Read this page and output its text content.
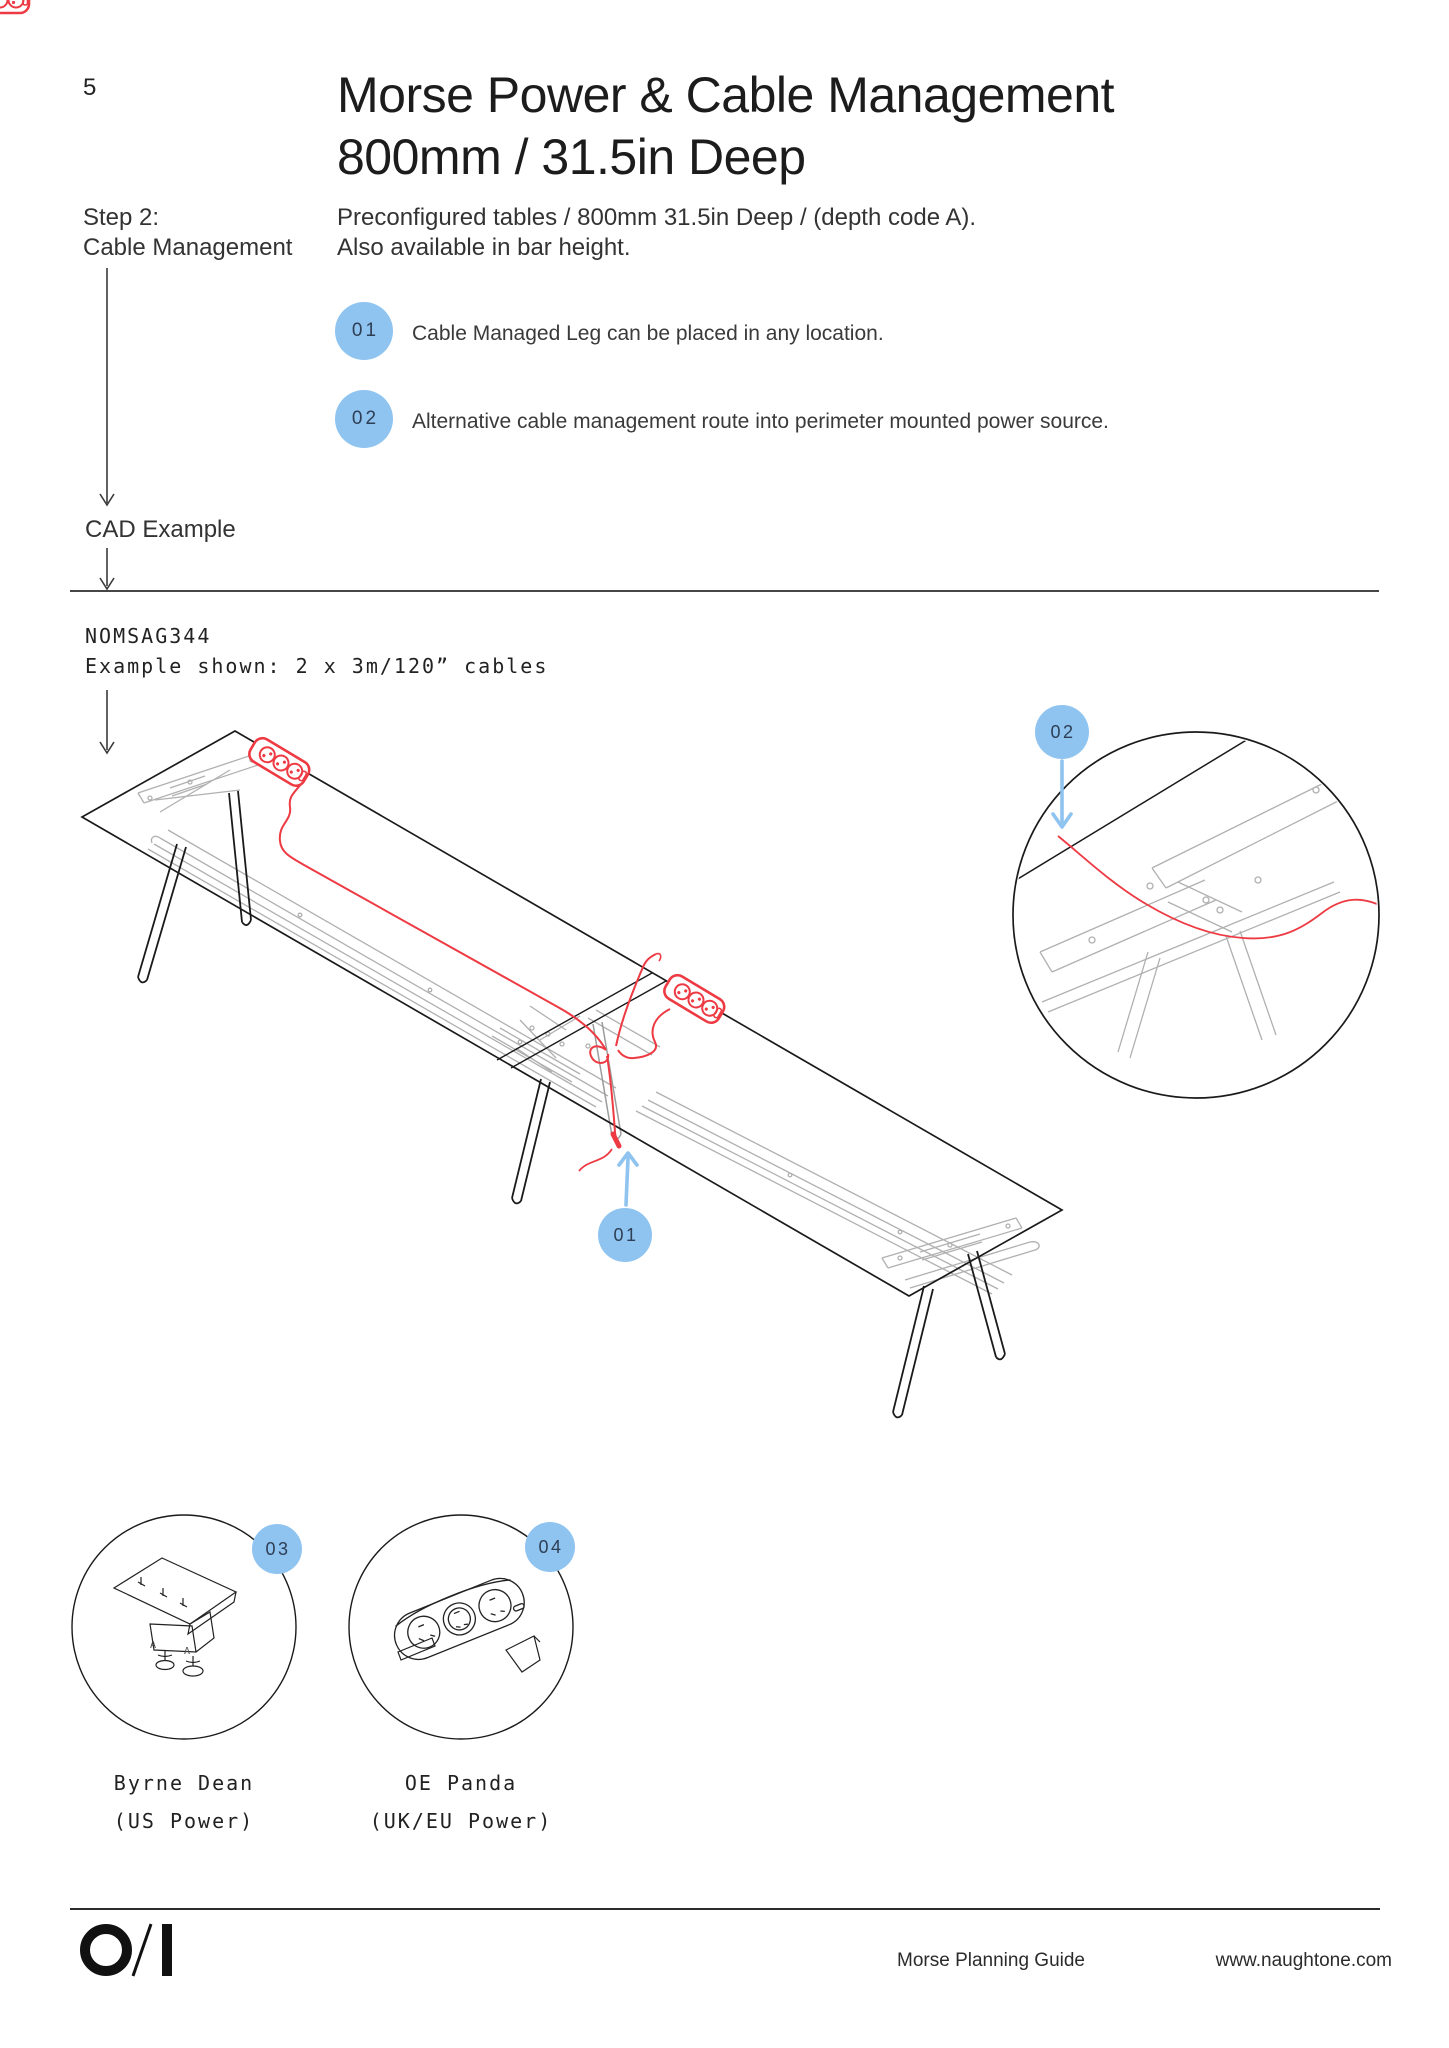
A
A
5	Morse Power & Cable Management
800mm / 31.5in Deep
Step 2:
Cable Management
Preconfigured tables / 800mm 31.5in Deep / (depth code A).
Also available in bar height.
01	Cable Managed Leg can be placed in any location.
02	Alternative cable management route into perimeter mounted power source.
CAD Example
NOMSAG344
Example shown: 2 x 3m/120” cables
01
02
03	04
Byrne Dean
(US Power)
OE Panda
(UK/EU Power)
Morse Planning Guide	www.naughtone.com
